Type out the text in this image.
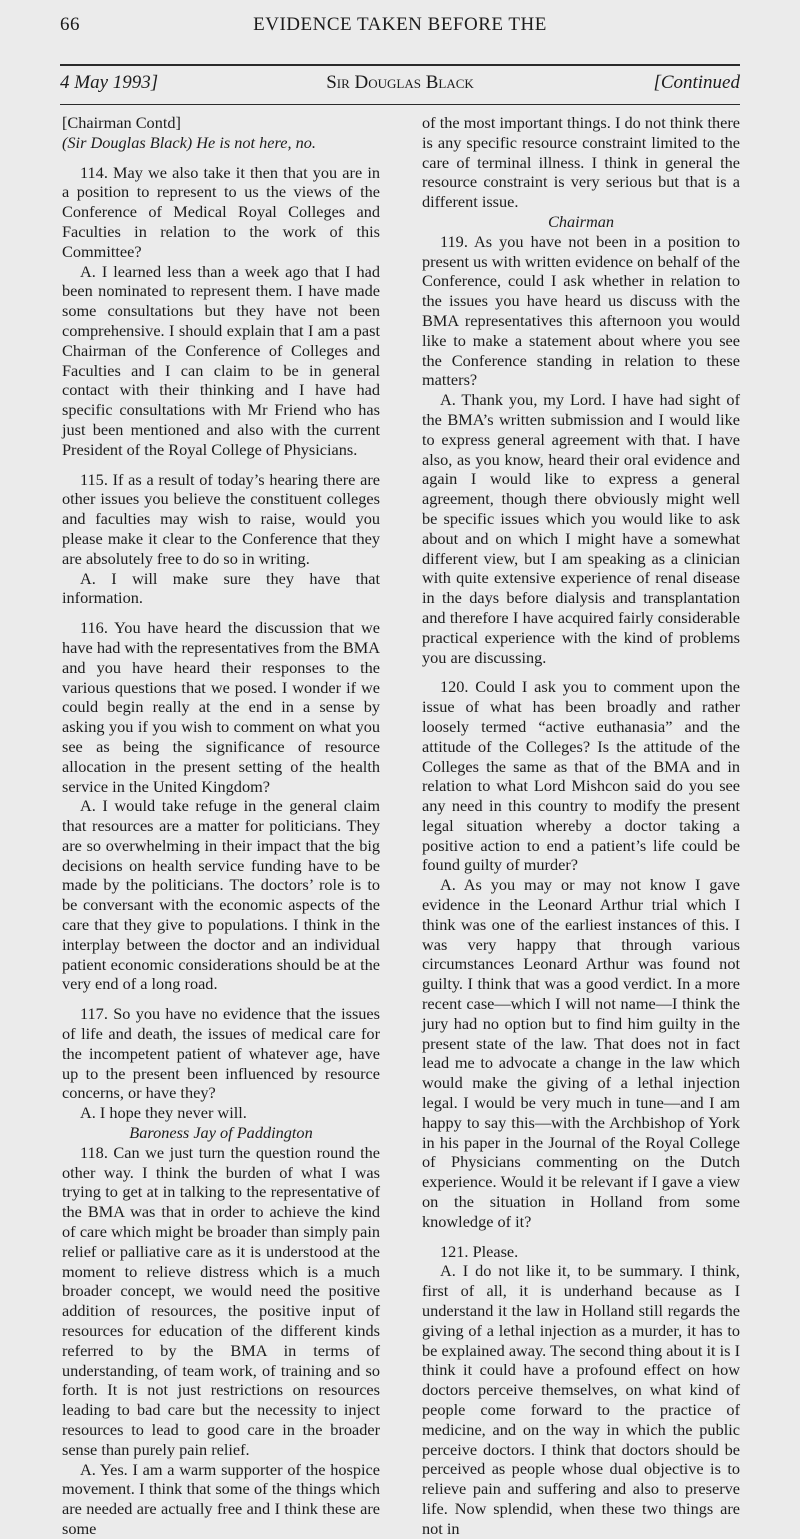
66	EVIDENCE TAKEN BEFORE THE
4 May 1993]	Sir Douglas Black	[Continued

[Chairman Contd]

(Sir Douglas Black) He is not here, no.

114. May we also take it then that you are in a position to represent to us the views of the Conference of Medical Royal Colleges and Faculties in relation to the work of this Committee?

A. I learned less than a week ago that I had been nominated to represent them. I have made some consultations but they have not been comprehensive. I should explain that I am a past Chairman of the Conference of Colleges and Faculties and I can claim to be in general contact with their thinking and I have had specific consultations with Mr Friend who has just been mentioned and also with the current President of the Royal College of Physicians.

115. If as a result of today’s hearing there are other issues you believe the constituent colleges and faculties may wish to raise, would you please make it clear to the Conference that they are absolutely free to do so in writing.

A. I will make sure they have that information.

116. You have heard the discussion that we have had with the representatives from the BMA and you have heard their responses to the various questions that we posed. I wonder if we could begin really at the end in a sense by asking you if you wish to comment on what you see as being the significance of resource allocation in the present setting of the health service in the United Kingdom?

A. I would take refuge in the general claim that resources are a matter for politicians. They are so overwhelming in their impact that the big decisions on health service funding have to be made by the politicians. The doctors’ role is to be conversant with the economic aspects of the care that they give to populations. I think in the interplay between the doctor and an individual patient economic considerations should be at the very end of a long road.

117. So you have no evidence that the issues of life and death, the issues of medical care for the incompetent patient of whatever age, have up to the present been influenced by resource concerns, or have they?

A. I hope they never will.

Baroness Jay of Paddington

118. Can we just turn the question round the other way. I think the burden of what I was trying to get at in talking to the representative of the BMA was that in order to achieve the kind of care which might be broader than simply pain relief or palliative care as it is understood at the moment to relieve distress which is a much broader concept, we would need the positive addition of resources, the positive input of resources for education of the different kinds referred to by the BMA in terms of understanding, of team work, of training and so forth. It is not just restrictions on resources leading to bad care but the necessity to inject resources to lead to good care in the broader sense than purely pain relief.

A. Yes. I am a warm supporter of the hospice movement. I think that some of the things which are needed are actually free and I think these are some

of the most important things. I do not think there is any specific resource constraint limited to the care of terminal illness. I think in general the resource constraint is very serious but that is a different issue.

Chairman

119. As you have not been in a position to present us with written evidence on behalf of the Conference, could I ask whether in relation to the issues you have heard us discuss with the BMA representatives this afternoon you would like to make a statement about where you see the Conference standing in relation to these matters?

A. Thank you, my Lord. I have had sight of the BMA’s written submission and I would like to express general agreement with that. I have also, as you know, heard their oral evidence and again I would like to express a general agreement, though there obviously might well be specific issues which you would like to ask about and on which I might have a somewhat different view, but I am speaking as a clinician with quite extensive experience of renal disease in the days before dialysis and transplantation and therefore I have acquired fairly considerable practical experience with the kind of problems you are discussing.

120. Could I ask you to comment upon the issue of what has been broadly and rather loosely termed “active euthanasia” and the attitude of the Colleges? Is the attitude of the Colleges the same as that of the BMA and in relation to what Lord Mishcon said do you see any need in this country to modify the present legal situation whereby a doctor taking a positive action to end a patient’s life could be found guilty of murder?

A. As you may or may not know I gave evidence in the Leonard Arthur trial which I think was one of the earliest instances of this. I was very happy that through various circumstances Leonard Arthur was found not guilty. I think that was a good verdict. In a more recent case—which I will not name—I think the jury had no option but to find him guilty in the present state of the law. That does not in fact lead me to advocate a change in the law which would make the giving of a lethal injection legal. I would be very much in tune—and I am happy to say this—with the Archbishop of York in his paper in the Journal of the Royal College of Physicians commenting on the Dutch experience. Would it be relevant if I gave a view on the situation in Holland from some knowledge of it?

121. Please.

A. I do not like it, to be summary. I think, first of all, it is underhand because as I understand it the law in Holland still regards the giving of a lethal injection as a murder, it has to be explained away. The second thing about it is I think it could have a profound effect on how doctors perceive themselves, on what kind of people come forward to the practice of medicine, and on the way in which the public perceive doctors. I think that doctors should be perceived as people whose dual objective is to relieve pain and suffering and also to preserve life. Now splendid, when these two things are not in
